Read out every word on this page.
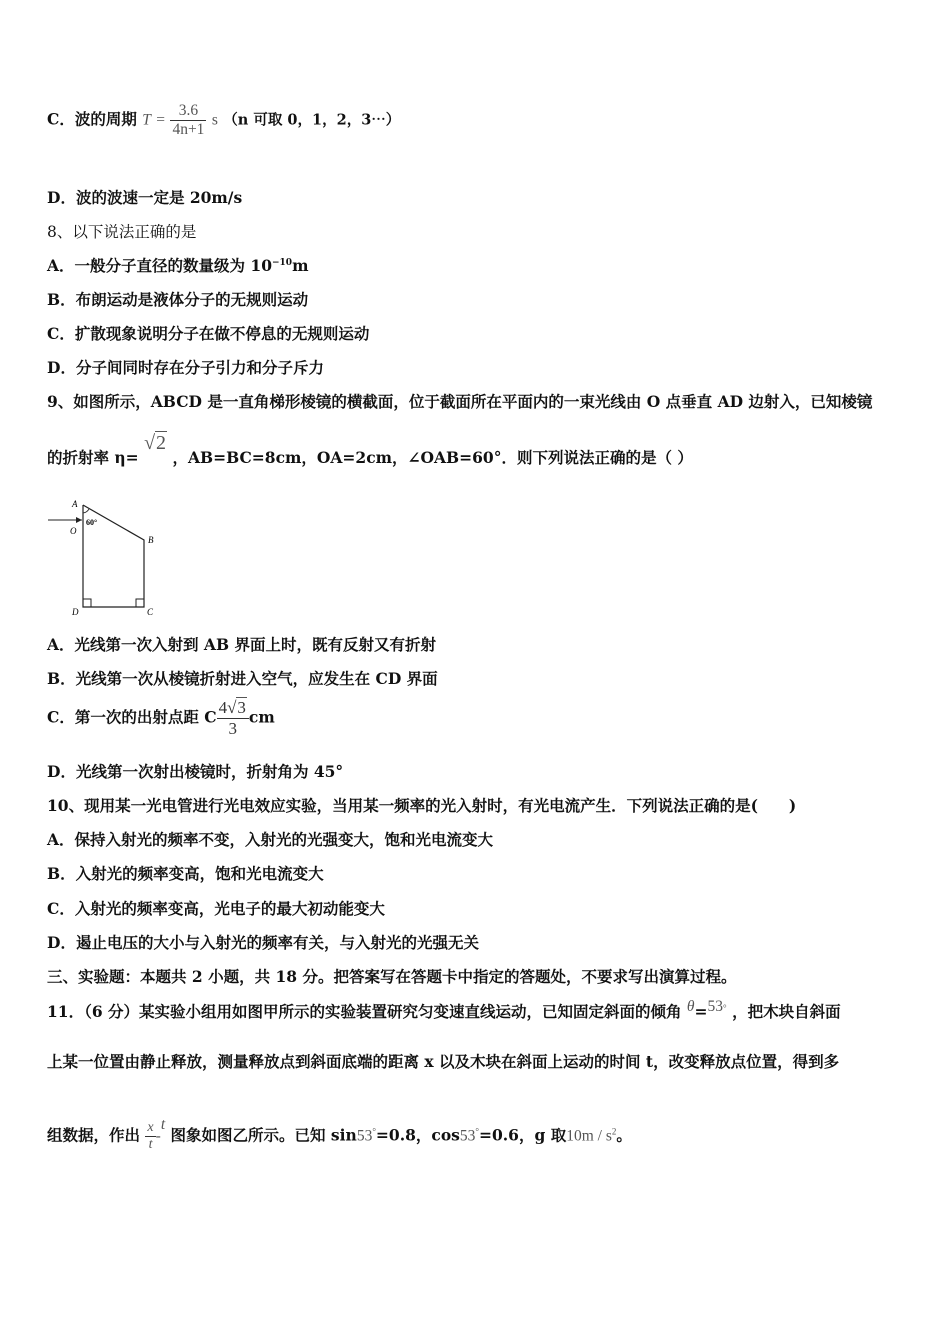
C．波的周期 $T = \frac{3.6}{4n+1}$ s （n 可取 0，1，2，3⋯）
D．波的波速一定是 20m/s
8、以下说法正确的是
A．一般分子直径的数量级为 $10^{-10}m$
B．布朗运动是液体分子的无规则运动
C．扩散现象说明分子在做不停息的无规则运动
D．分子间同时存在分子引力和分子斥力
9、如图所示，ABCD 是一直角梯形棱镜的横截面，位于截面所在平面内的一束光线由 O 点垂直 AD 边射入，已知棱镜
的折射率 η= √2 ，AB=BC=8cm，OA=2cm，∠OAB=60°．则下列说法正确的是（ ）
A
B
C
D
O
60°
A．光线第一次入射到 AB 界面上时，既有反射又有折射
B．光线第一次从棱镜折射进入空气，应发生在 CD 界面
C．第一次的出射点距 C $\frac{4√3}{3}$ cm
D．光线第一次射出棱镜时，折射角为 45°
10、现用某一光电管进行光电效应实验，当用某一频率的光入射时，有光电流产生．下列说法正确的是(　　)
A．保持入射光的频率不变，入射光的光强变大，饱和光电流变大
B．入射光的频率变高，饱和光电流变大
C．入射光的频率变高，光电子的最大初动能变大
D．遏止电压的大小与入射光的频率有关，与入射光的光强无关
三、实验题：本题共 2 小题，共 18 分。把答案写在答题卡中指定的答题处，不要求写出演算过程。
11．（6 分）某实验小组用如图甲所示的实验装置研究匀变速直线运动，已知固定斜面的倾角 θ=53° ，把木块自斜面
上某一位置由静止释放，测量释放点到斜面底端的距离 x 以及木块在斜面上运动的时间 t，改变释放点位置，得到多
组数据，作出 $\frac{x}{t} -t$ 图象如图乙所示。已知 sin53°=0.8，cos53°=0.6，g 取$10m / s^2$。
